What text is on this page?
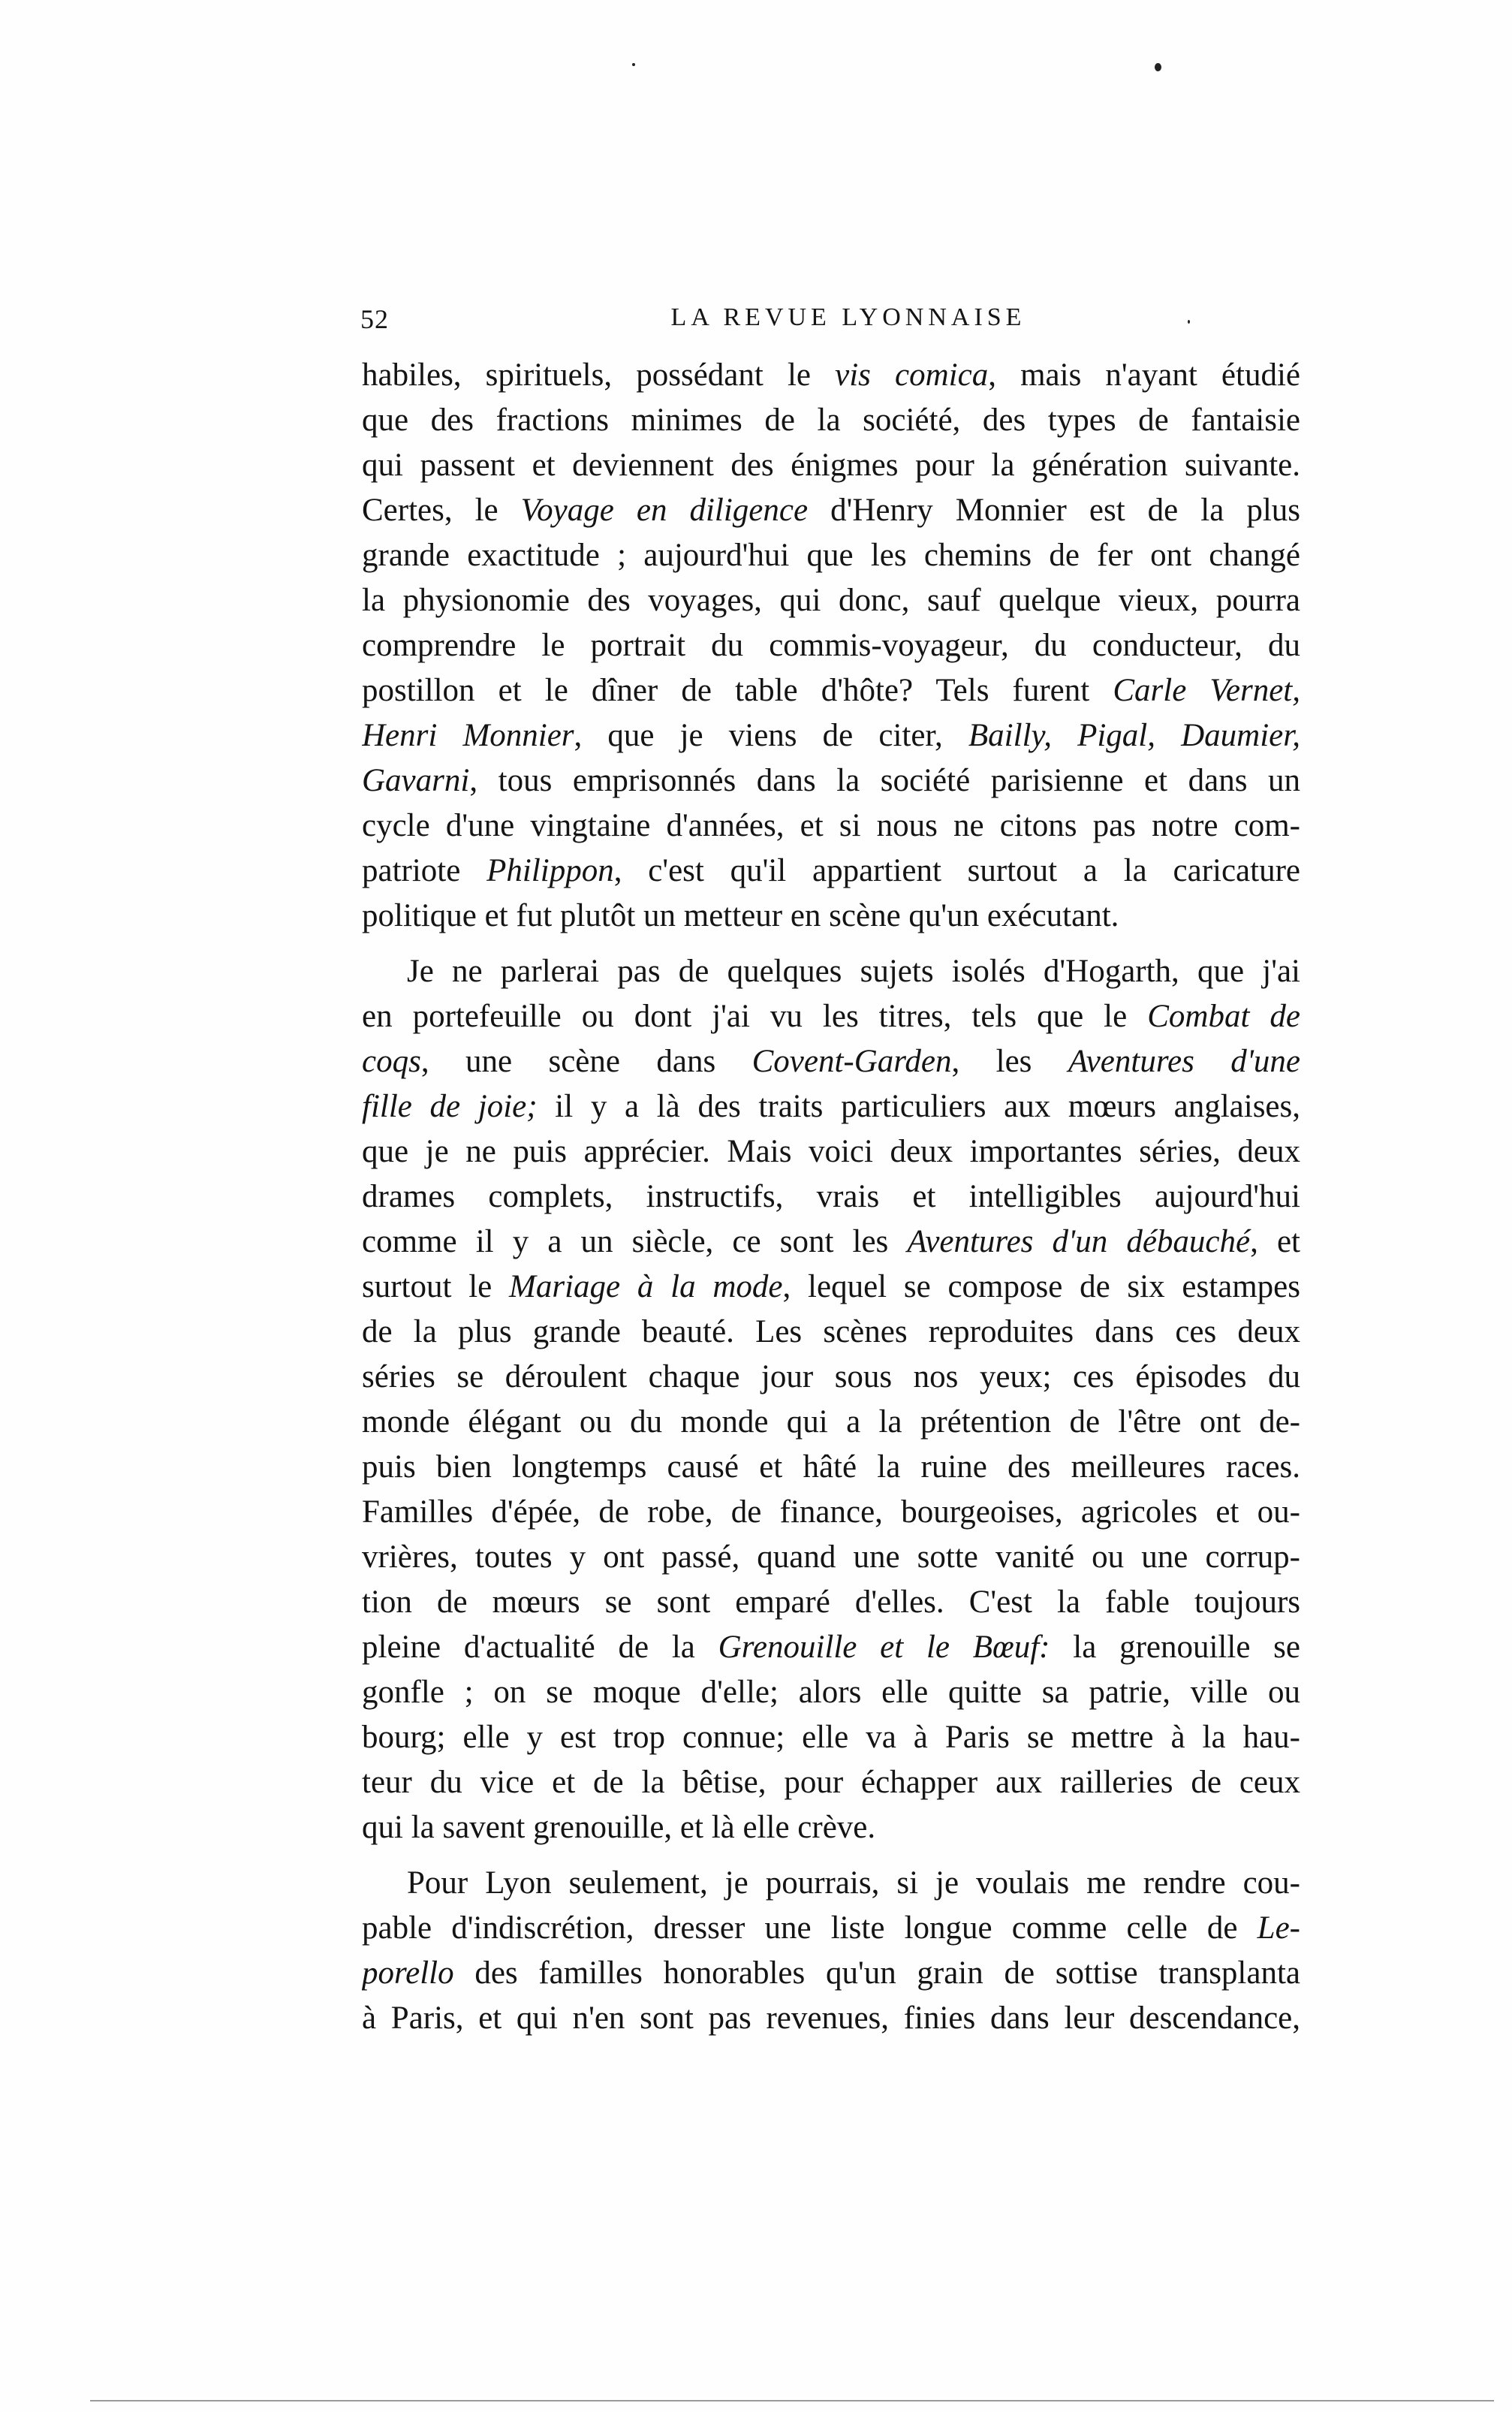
52	LA REVUE LYONNAISE
habiles, spirituels, possédant le vis comica, mais n'ayant étudié
que des fractions minimes de la société, des types de fantaisie
qui passent et deviennent des énigmes pour la génération suivante.
Certes, le Voyage en diligence d'Henry Monnier est de la plus
grande exactitude ; aujourd'hui que les chemins de fer ont changé
la physionomie des voyages, qui donc, sauf quelque vieux, pourra
comprendre le portrait du commis-voyageur, du conducteur, du
postillon et le dîner de table d'hôte? Tels furent Carle Vernet,
Henri Monnier, que je viens de citer, Bailly, Pigal, Daumier,
Gavarni, tous emprisonnés dans la société parisienne et dans un
cycle d'une vingtaine d'années, et si nous ne citons pas notre com-
patriote Philippon, c'est qu'il appartient surtout a la caricature
politique et fut plutôt un metteur en scène qu'un exécutant.
Je ne parlerai pas de quelques sujets isolés d'Hogarth, que j'ai
en portefeuille ou dont j'ai vu les titres, tels que le Combat de
coqs, une scène dans Covent-Garden, les Aventures d'une
fille de joie; il y a là des traits particuliers aux mœurs anglaises,
que je ne puis apprécier. Mais voici deux importantes séries, deux
drames complets, instructifs, vrais et intelligibles aujourd'hui
comme il y a un siècle, ce sont les Aventures d'un débauché, et
surtout le Mariage à la mode, lequel se compose de six estampes
de la plus grande beauté. Les scènes reproduites dans ces deux
séries se déroulent chaque jour sous nos yeux; ces épisodes du
monde élégant ou du monde qui a la prétention de l'être ont de-
puis bien longtemps causé et hâté la ruine des meilleures races.
Familles d'épée, de robe, de finance, bourgeoises, agricoles et ou-
vrières, toutes y ont passé, quand une sotte vanité ou une corrup-
tion de mœurs se sont emparé d'elles. C'est la fable toujours
pleine d'actualité de la Grenouille et le Bœuf: la grenouille se
gonfle ; on se moque d'elle; alors elle quitte sa patrie, ville ou
bourg; elle y est trop connue; elle va à Paris se mettre à la hau-
teur du vice et de la bêtise, pour échapper aux railleries de ceux
qui la savent grenouille, et là elle crève.
Pour Lyon seulement, je pourrais, si je voulais me rendre cou-
pable d'indiscrétion, dresser une liste longue comme celle de Le-
porello des familles honorables qu'un grain de sottise transplanta
à Paris, et qui n'en sont pas revenues, finies dans leur descendance,
